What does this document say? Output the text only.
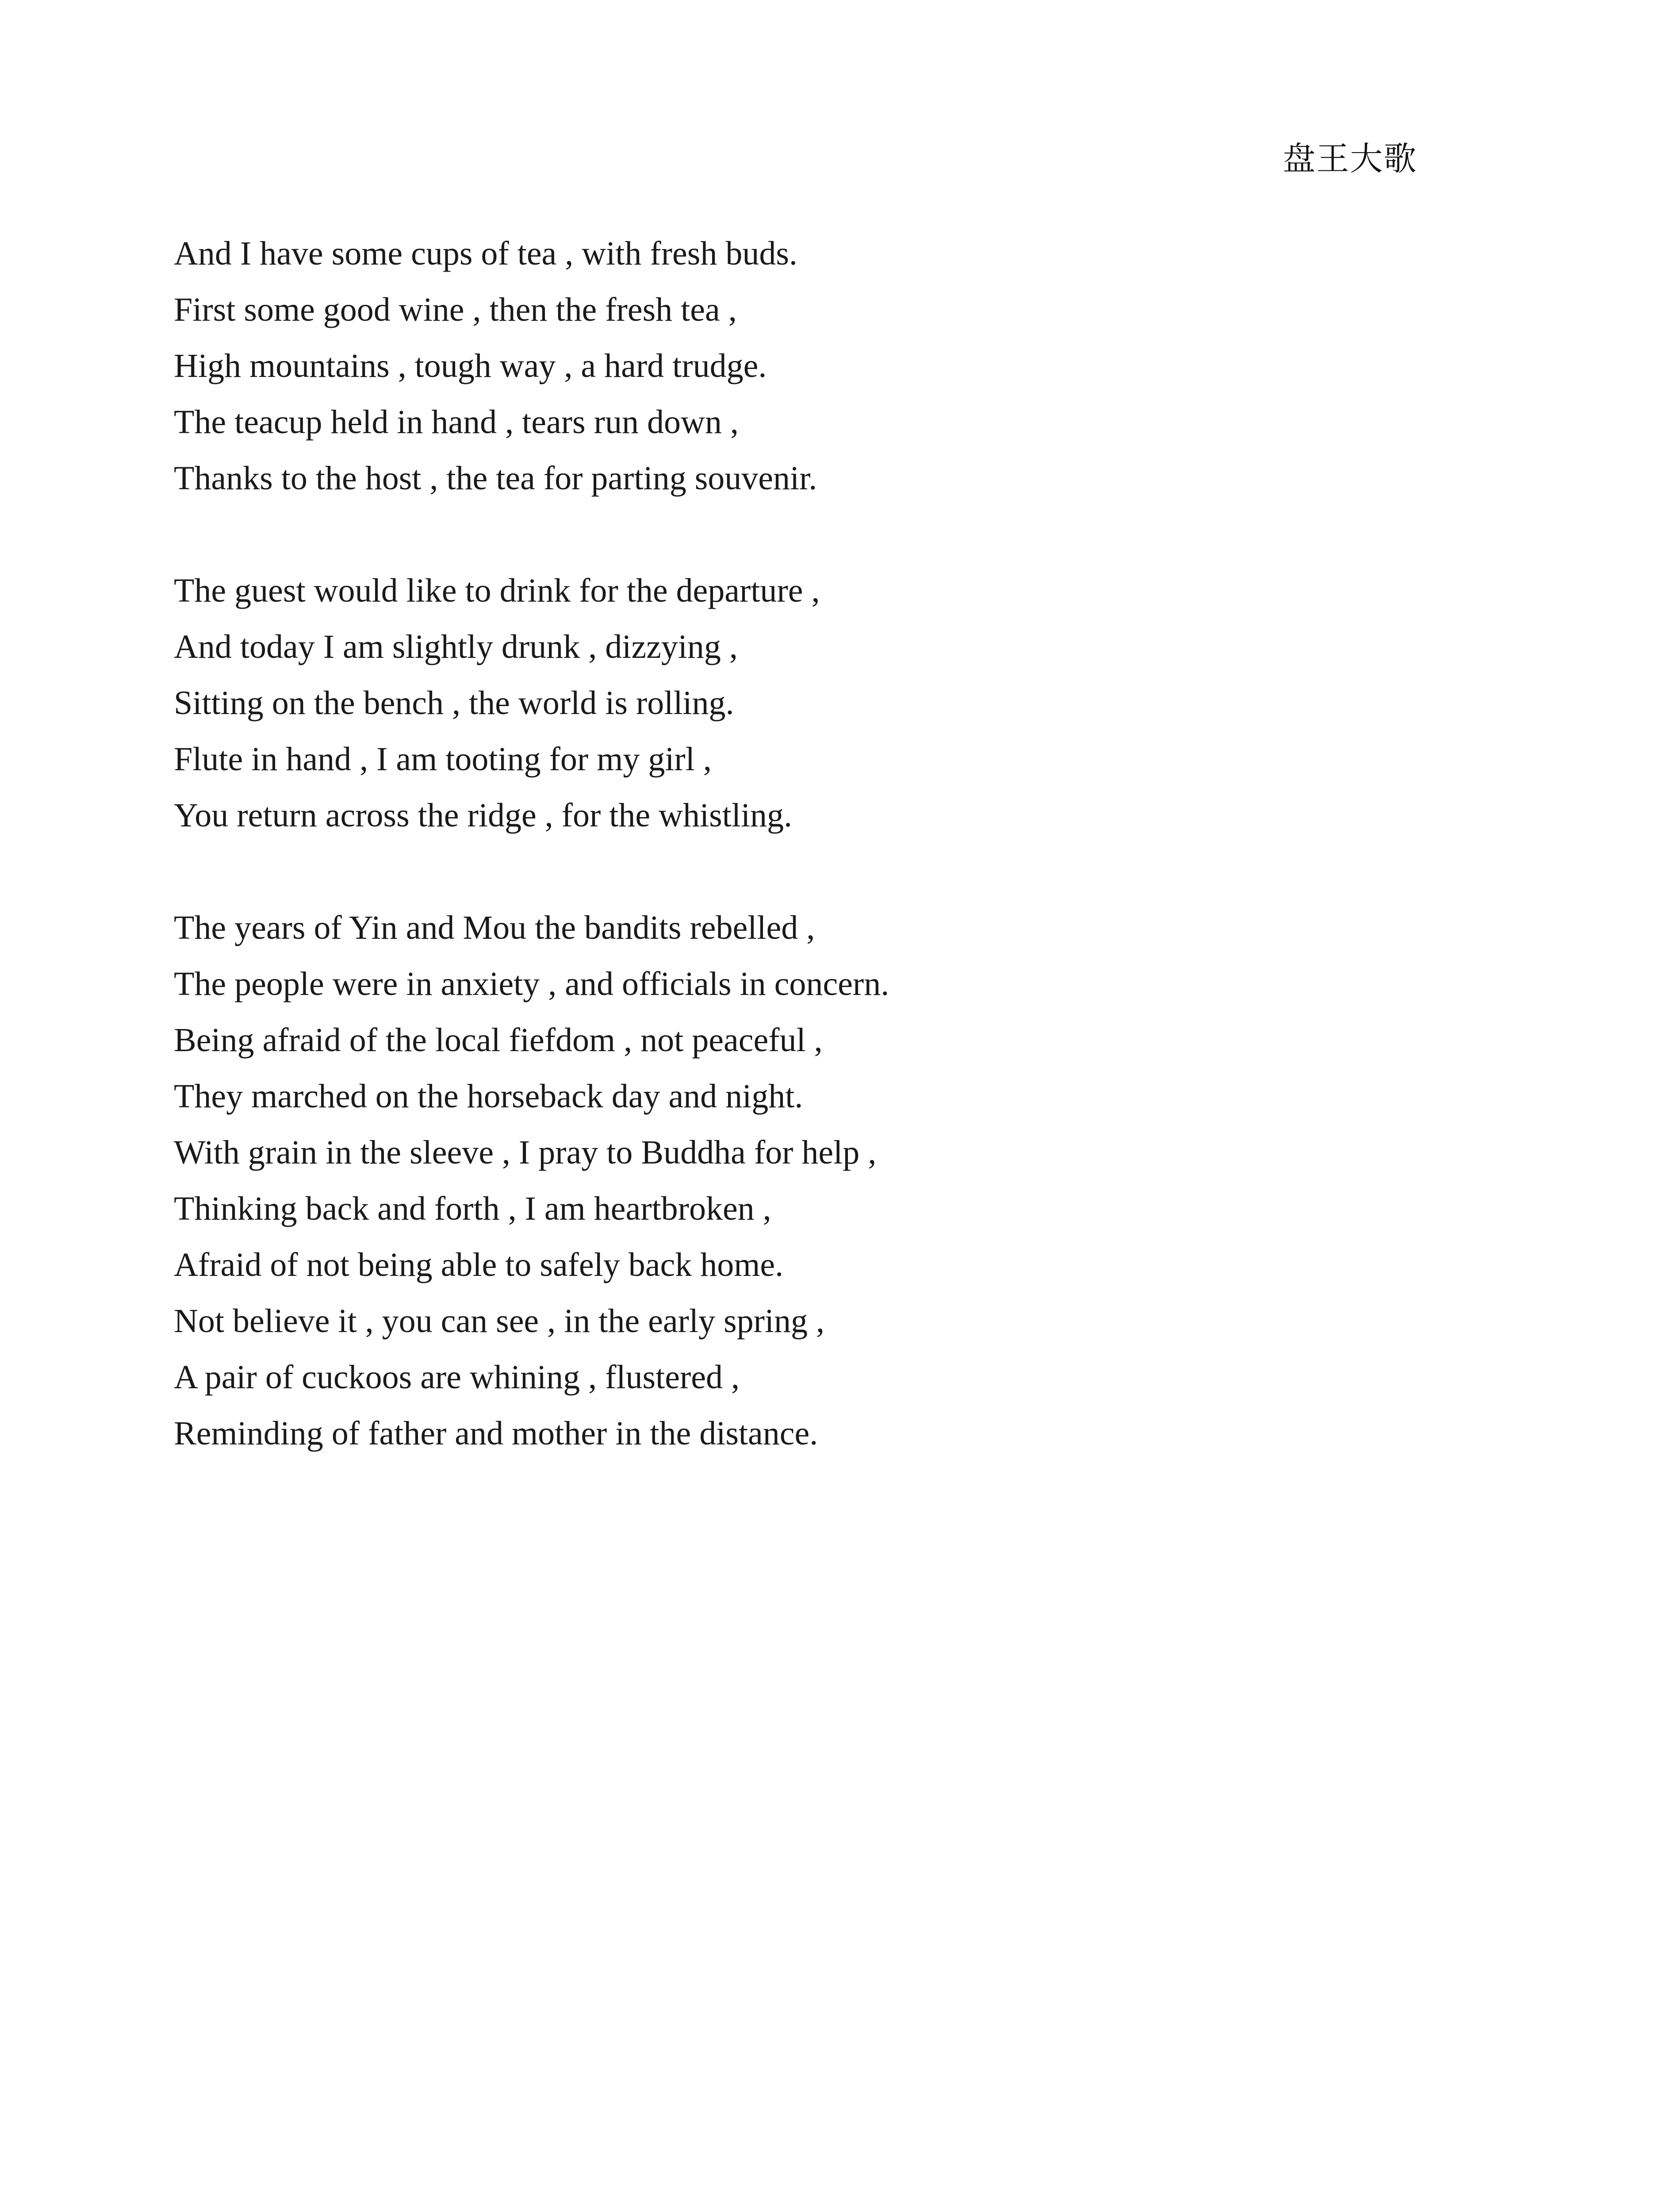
盘王大歌
And I have some cups of tea , with fresh buds.
First some good wine , then the fresh tea ,
High mountains , tough way , a hard trudge.
The teacup held in hand , tears run down ,
Thanks to the host , the tea for parting souvenir.
The guest would like to drink for the departure ,
And today I am slightly drunk , dizzying ,
Sitting on the bench , the world is rolling.
Flute in hand , I am tooting for my girl ,
You return across the ridge , for the whistling.
The years of Yin and Mou the bandits rebelled ,
The people were in anxiety , and officials in concern.
Being afraid of the local fiefdom , not peaceful ,
They marched on the horseback day and night.
With grain in the sleeve , I pray to Buddha for help ,
Thinking back and forth , I am heartbroken ,
Afraid of not being able to safely back home.
Not believe it , you can see , in the early spring ,
A pair of cuckoos are whining , flustered ,
Reminding of father and mother in the distance.
